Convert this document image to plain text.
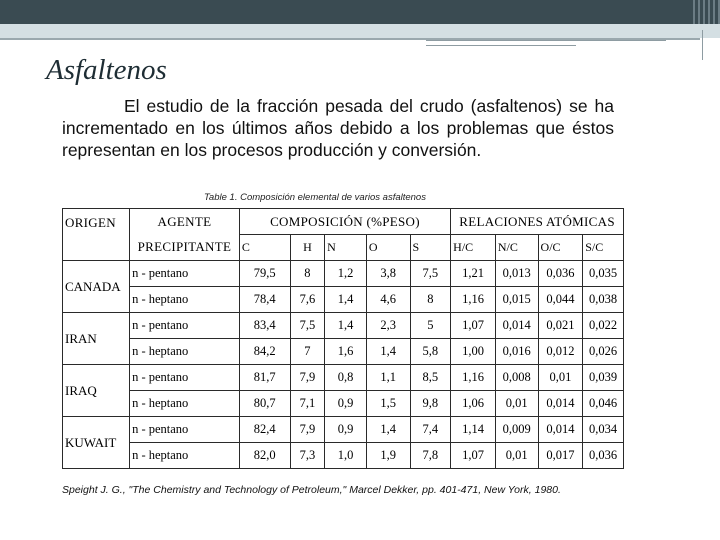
Asfaltenos

El estudio de la fracción pesada del crudo (asfaltenos) se ha incrementado en los últimos años debido a los problemas que éstos representan en los procesos producción y conversión.

Table 1. Composición elemental de varios asfaltenos

ORIGEN	AGENTE	COMPOSICIÓN (%PESO)					RELACIONES ATÓMICAS			
	PRECIPITANTE	C	H	N	O	S	H/C	N/C	O/C	S/C
CANADA	n - pentano	79,5	8	1,2	3,8	7,5	1,21	0,013	0,036	0,035
	n - heptano	78,4	7,6	1,4	4,6	8	1,16	0,015	0,044	0,038
IRAN	n - pentano	83,4	7,5	1,4	2,3	5	1,07	0,014	0,021	0,022
	n - heptano	84,2	7	1,6	1,4	5,8	1,00	0,016	0,012	0,026
IRAQ	n - pentano	81,7	7,9	0,8	1,1	8,5	1,16	0,008	0,01	0,039
	n - heptano	80,7	7,1	0,9	1,5	9,8	1,06	0,01	0,014	0,046
KUWAIT	n - pentano	82,4	7,9	0,9	1,4	7,4	1,14	0,009	0,014	0,034
	n - heptano	82,0	7,3	1,0	1,9	7,8	1,07	0,01	0,017	0,036

Speight J. G., "The Chemistry and Technology of Petroleum," Marcel Dekker, pp. 401-471, New York, 1980.
